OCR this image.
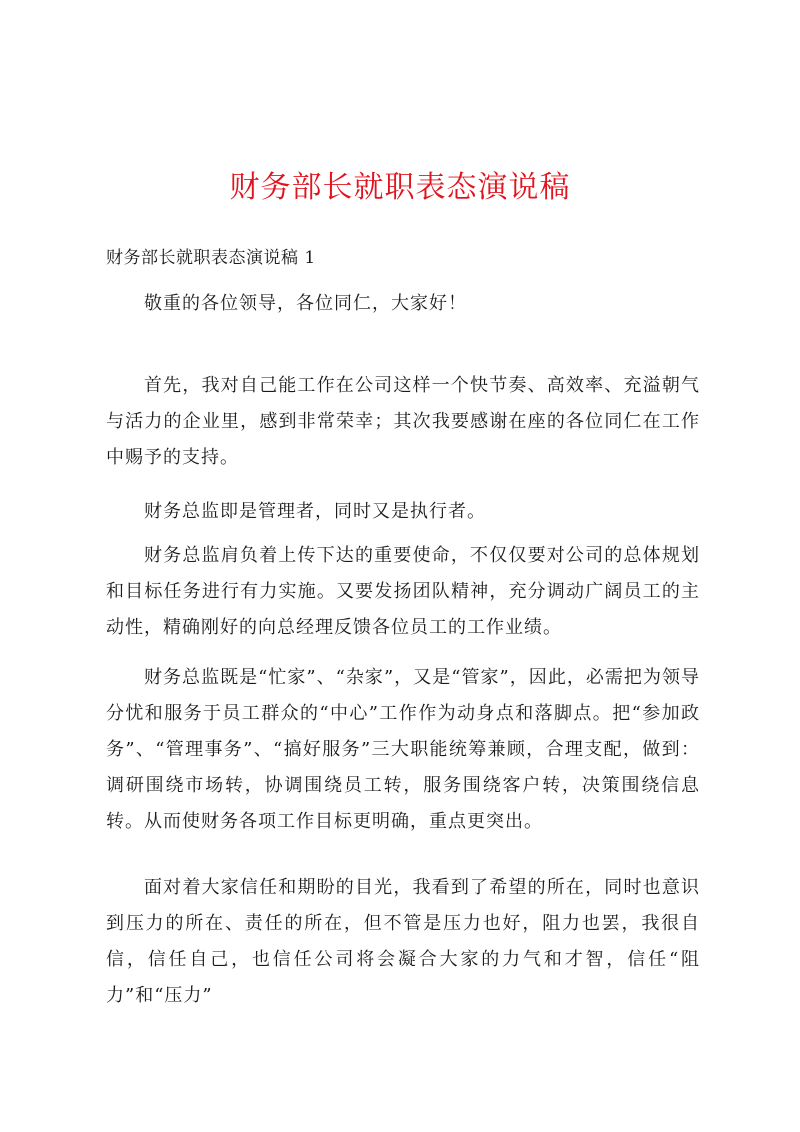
财务部长就职表态演说稿
财务部长就职表态演说稿 1

敬重的各位领导，各位同仁，大家好！

首先，我对自己能工作在公司这样一个快节奏、高效率、充溢朝气与活力的企业里，感到非常荣幸；其次我要感谢在座的各位同仁在工作中赐予的支持。

财务总监即是管理者，同时又是执行者。

财务总监肩负着上传下达的重要使命，不仅仅要对公司的总体规划和目标任务进行有力实施。又要发扬团队精神，充分调动广阔员工的主动性，精确刚好的向总经理反馈各位员工的工作业绩。

财务总监既是“忙家”、“杂家”，又是“管家”，因此，必需把为领导分忧和服务于员工群众的“中心”工作作为动身点和落脚点。把“参加政务”、“管理事务”、“搞好服务”三大职能统筹兼顾，合理支配，做到：调研围绕市场转，协调围绕员工转，服务围绕客户转，决策围绕信息转。从而使财务各项工作目标更明确，重点更突出。

面对着大家信任和期盼的目光，我看到了希望的所在，同时也意识到压力的所在、责任的所在，但不管是压力也好，阻力也罢，我很自信，信任自己，也信任公司将会凝合大家的力气和才智，信任“阻力”和“压力”
